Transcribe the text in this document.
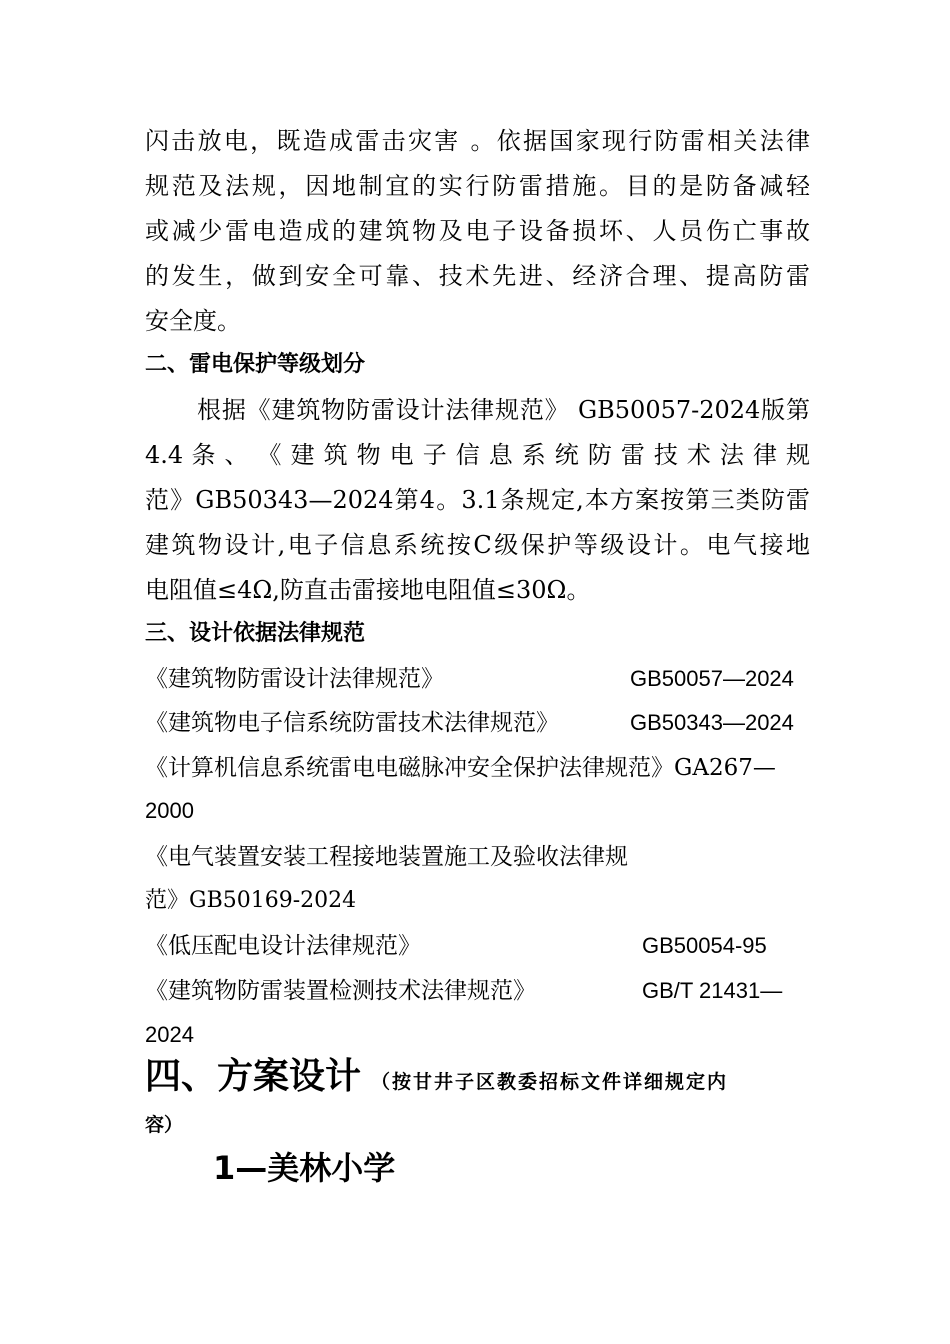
闪击放电，既造成雷击灾害 。依据国家现行防雷相关法律
规范及法规，因地制宜的实行防雷措施。目的是防备减轻
或减少雷电造成的建筑物及电子设备损坏、人员伤亡事故
的发生，做到安全可靠、技术先进、经济合理、提高防雷
安全度。
二、雷电保护等级划分
根据《建筑物防雷设计法律规范》 GB50057-2024版第
4.4 条 、 《 建 筑 物 电 子 信 息 系 统 防 雷 技 术 法 律 规
范》GB50343—2024第4。3.1条规定,本方案按第三类防雷
建筑物设计,电子信息系统按C级保护等级设计。电气接地
电阻值≤4Ω,防直击雷接地电阻值≤30Ω。
三、设计依据法律规范
《建筑物防雷设计法律规范》	GB50057—2024
《建筑物电子信系统防雷技术法律规范》	GB50343—2024
《计算机信息系统雷电电磁脉冲安全保护法律规范》GA267—
2000
《电气装置安装工程接地装置施工及验收法律规
范》GB50169-2024
《低压配电设计法律规范》	GB50054-95
《建筑物防雷装置检测技术法律规范》	GB/T 21431—
2024
四、方案设计 （按甘井子区教委招标文件详细规定内
容）
1—美林小学
